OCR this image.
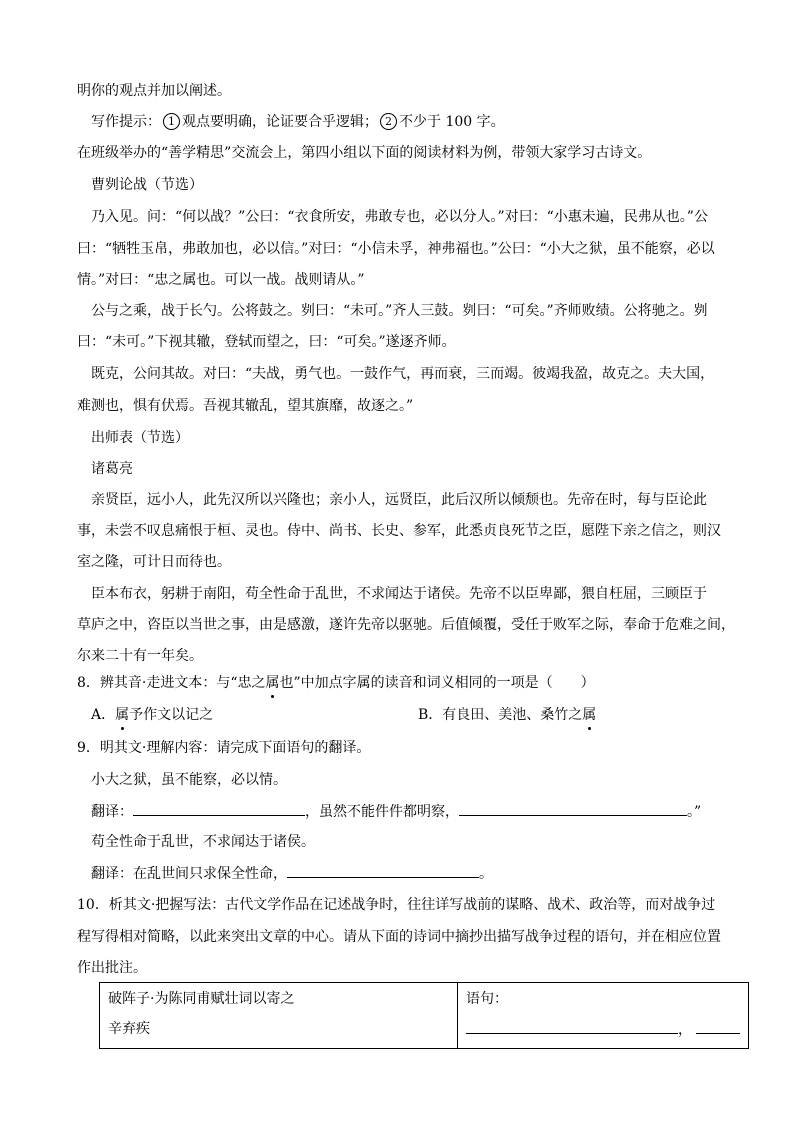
明你的观点并加以阐述。
写作提示： 1 观点要明确，论证要合乎逻辑； 2 不少于 100 字。
在班级举办的“善学精思”交流会上，第四小组以下面的阅读材料为例，带领大家学习古诗文。
曹刿论战（节选）
乃入见。问：“何以战？”公曰：“衣食所安，弗敢专也，必以分人。”对曰：“小惠未遍，民弗从也。”公
曰：“牺牲玉帛，弗敢加也，必以信。”对曰：“小信未孚，神弗福也。”公曰：“小大之狱，虽不能察，必以
情。”对曰：“忠之属也。可以一战。战则请从。”
公与之乘，战于长勺。公将鼓之。刿曰：“未可。”齐人三鼓。刿曰：“可矣。”齐师败绩。公将驰之。刿
曰：“未可。”下视其辙，登轼而望之，曰：“可矣。”遂逐齐师。
既克，公问其故。对曰：“夫战，勇气也。一鼓作气，再而衰，三而竭。彼竭我盈，故克之。夫大国，
难测也，惧有伏焉。吾视其辙乱，望其旗靡，故逐之。”
出师表（节选）
诸葛亮
亲贤臣，远小人，此先汉所以兴隆也；亲小人，远贤臣，此后汉所以倾颓也。先帝在时，每与臣论此
事，未尝不叹息痛恨于桓、灵也。侍中、尚书、长史、参军，此悉贞良死节之臣，愿陛下亲之信之，则汉
室之隆，可计日而待也。
臣本布衣，躬耕于南阳，苟全性命于乱世，不求闻达于诸侯。先帝不以臣卑鄙，猥自枉屈，三顾臣于
草庐之中，咨臣以当世之事，由是感激，遂许先帝以驱驰。后值倾覆，受任于败军之际，奉命于危难之间，
尔来二十有一年矣。
8．辨其音·走进文本：与“忠之属也”中加点字属的读音和词义相同的一项是（　　）
A．属予作文以记之	B．有良田、美池、桑竹之属
9．明其文·理解内容：请完成下面语句的翻译。
小大之狱，虽不能察，必以情。
翻译：	，虽然不能件件都明察，	。”
苟全性命于乱世，不求闻达于诸侯。
翻译：在乱世间只求保全性命，	。
10．析其文·把握写法：古代文学作品在记述战争时，往往详写战前的谋略、战术、政治等，而对战争过
程写得相对简略，以此来突出文章的中心。请从下面的诗词中摘抄出描写战争过程的语句，并在相应位置
作出批注。
破阵子·为陈同甫赋壮词以寄之
辛弃疾

语句：
，
